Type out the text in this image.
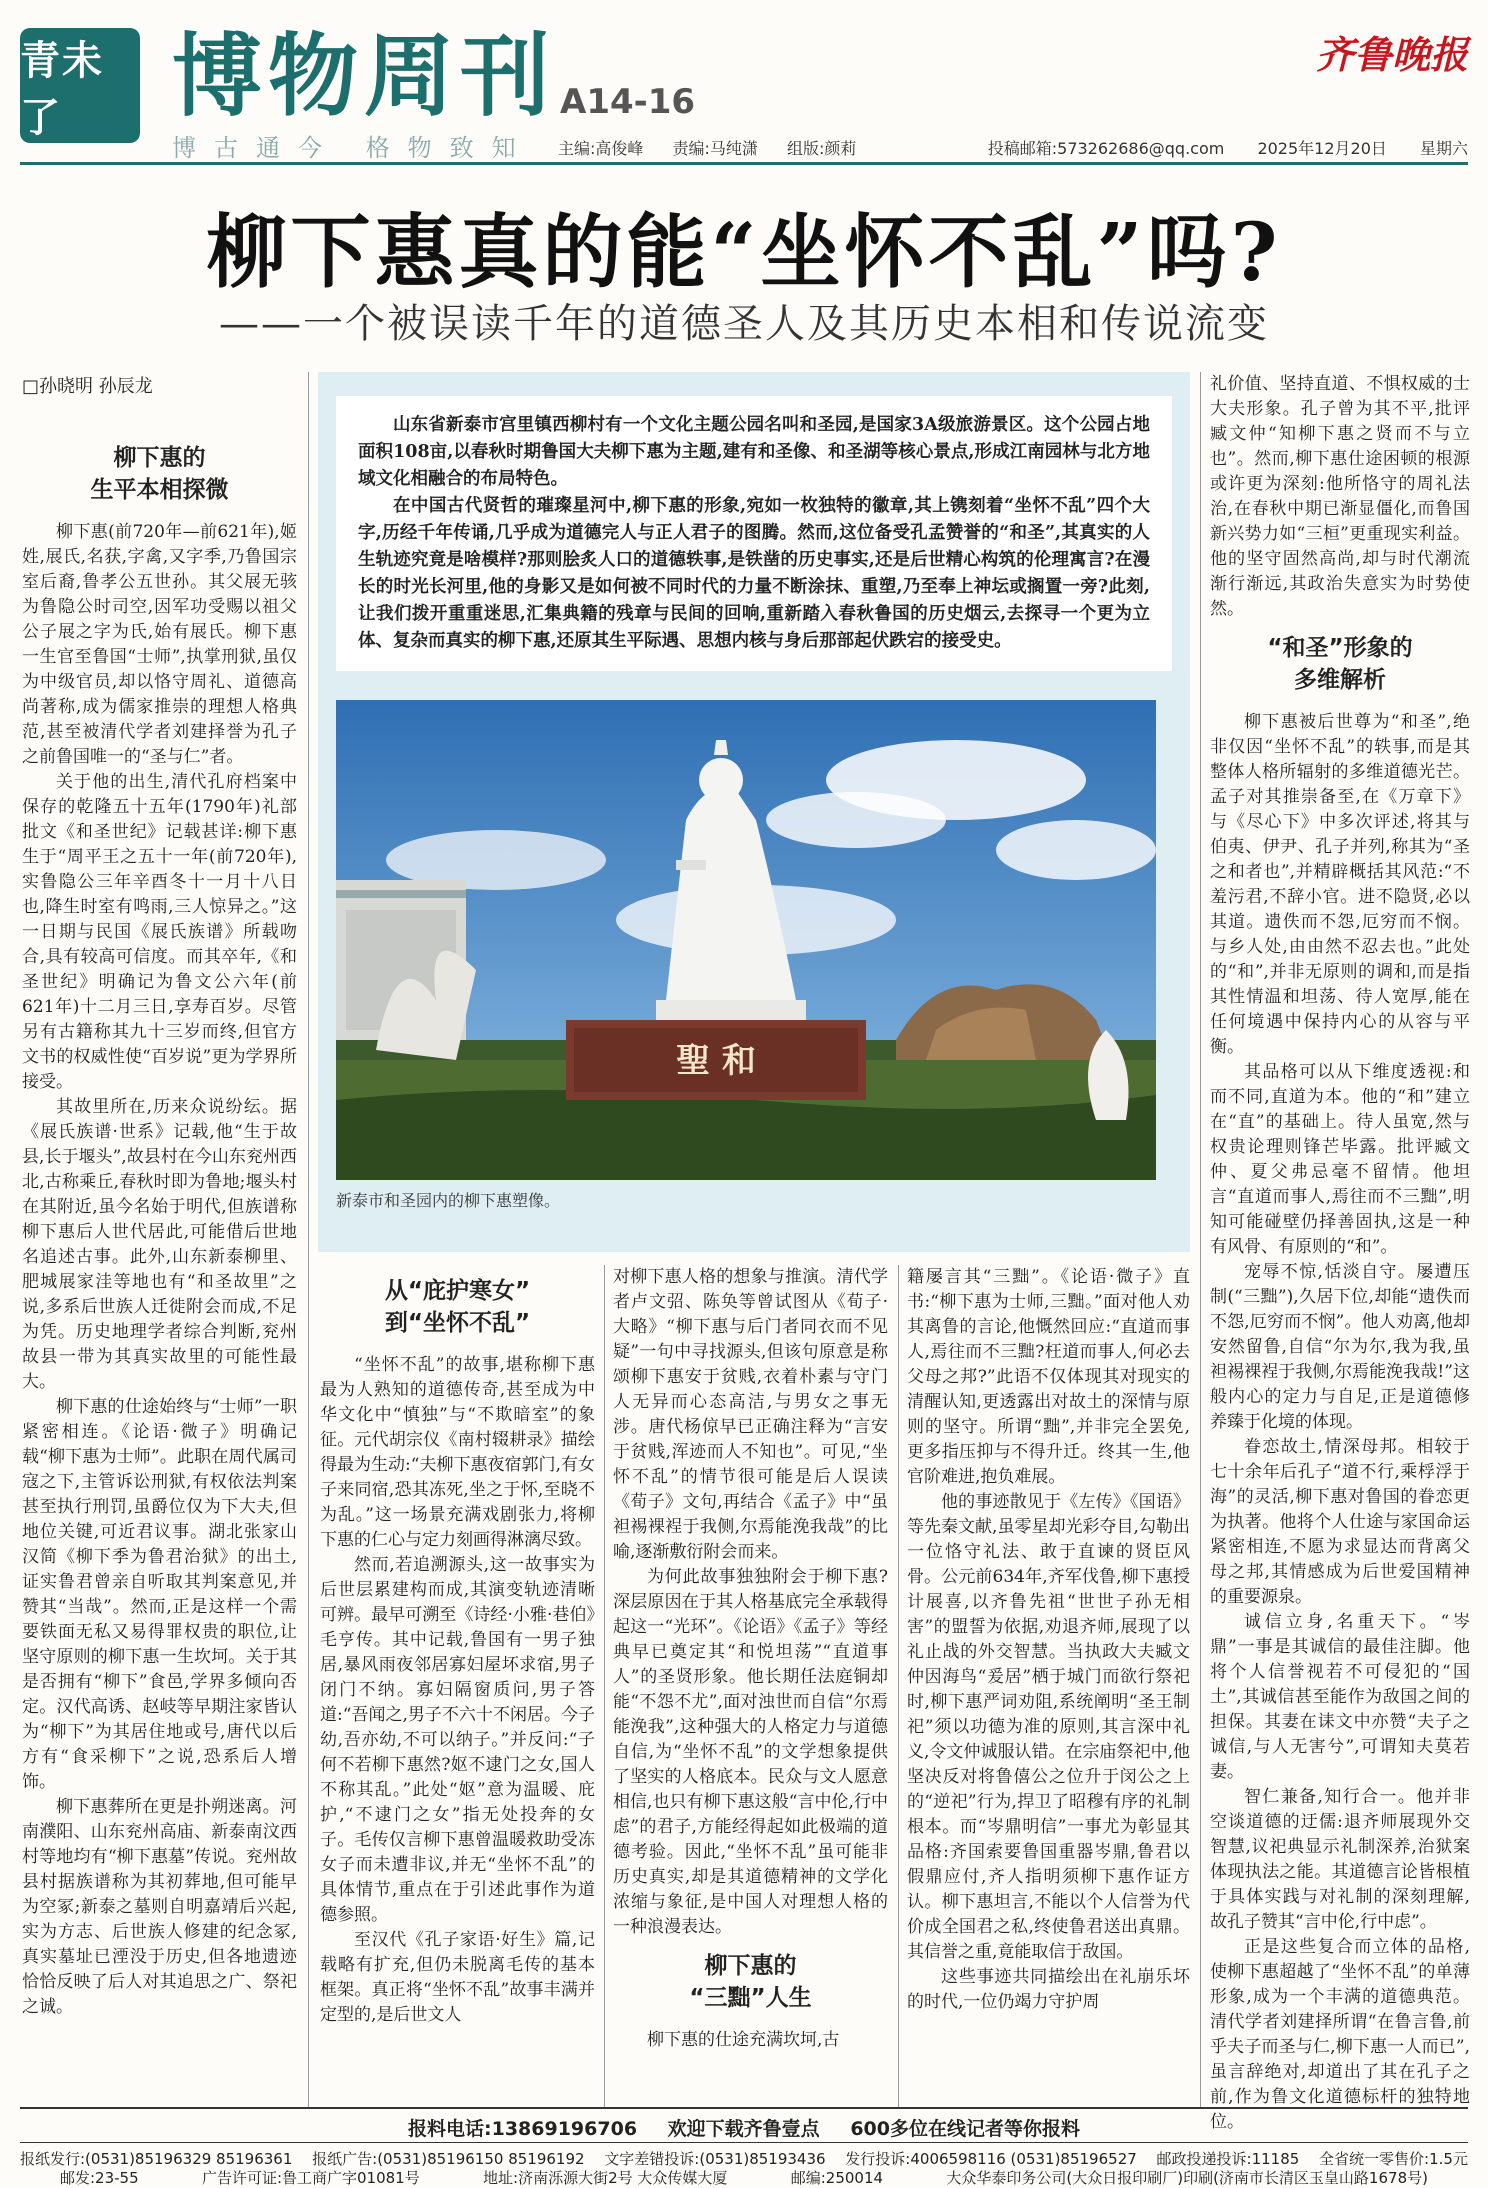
青未了	博物周刊 A14-16
博古通今 格物致知
齐鲁晚报
主编:高俊峰 责编:马纯潇 组版:颜莉	投稿邮箱:573262686@qq.com 2025年12月20日 星期六
柳下惠真的能“坐怀不乱”吗?
——一个被误读千年的道德圣人及其历史本相和传说流变
□孙晓明 孙辰龙
柳下惠的
生平本相探微

柳下惠(前720年—前621年),姬姓,展氏,名获,字禽,又字季,乃鲁国宗室后裔,鲁孝公五世孙。其父展无骇为鲁隐公时司空,因军功受赐以祖父公子展之字为氏,始有展氏。柳下惠一生官至鲁国“士师”,执掌刑狱,虽仅为中级官员,却以恪守周礼、道德高尚著称,成为儒家推崇的理想人格典范,甚至被清代学者刘建择誉为孔子之前鲁国唯一的“圣与仁”者。

关于他的出生,清代孔府档案中保存的乾隆五十五年(1790年)礼部批文《和圣世纪》记载甚详:柳下惠生于“周平王之五十一年(前720年),实鲁隐公三年辛酉冬十一月十八日也,降生时室有鸣雨,三人惊异之。”这一日期与民国《展氏族谱》所载吻合,具有较高可信度。而其卒年,《和圣世纪》明确记为鲁文公六年(前621年)十二月三日,享寿百岁。尽管另有古籍称其九十三岁而终,但官方文书的权威性使“百岁说”更为学界所接受。

其故里所在,历来众说纷纭。据《展氏族谱·世系》记载,他“生于故县,长于堰头”,故县村在今山东兖州西北,古称乘丘,春秋时即为鲁地;堰头村在其附近,虽今名始于明代,但族谱称柳下惠后人世代居此,可能借后世地名追述古事。此外,山东新泰柳里、肥城展家洼等地也有“和圣故里”之说,多系后世族人迁徙附会而成,不足为凭。历史地理学者综合判断,兖州故县一带为其真实故里的可能性最大。

柳下惠的仕途始终与“士师”一职紧密相连。《论语·微子》明确记载“柳下惠为士师”。此职在周代属司寇之下,主管诉讼刑狱,有权依法判案甚至执行刑罚,虽爵位仅为下大夫,但地位关键,可近君议事。湖北张家山汉简《柳下季为鲁君治狱》的出土,证实鲁君曾亲自听取其判案意见,并赞其“当哉”。然而,正是这样一个需要铁面无私又易得罪权贵的职位,让坚守原则的柳下惠一生坎坷。关于其是否拥有“柳下”食邑,学界多倾向否定。汉代高诱、赵岐等早期注家皆认为“柳下”为其居住地或号,唐代以后方有“食采柳下”之说,恐系后人增饰。

柳下惠葬所在更是扑朔迷离。河南濮阳、山东兖州高庙、新泰南汶西村等地均有“柳下惠墓”传说。兖州故县村据族谱称为其初葬地,但可能早为空冢;新泰之墓则自明嘉靖后兴起,实为方志、后世族人修建的纪念冢,真实墓址已湮没于历史,但各地遗迹恰恰反映了后人对其追思之广、祭祀之诚。

山东省新泰市宫里镇西柳村有一个文化主题公园名叫和圣园,是国家3A级旅游景区。这个公园占地面积108亩,以春秋时期鲁国大夫柳下惠为主题,建有和圣像、和圣湖等核心景点,形成江南园林与北方地域文化相融合的布局特色。

在中国古代贤哲的璀璨星河中,柳下惠的形象,宛如一枚独特的徽章,其上镌刻着“坐怀不乱”四个大字,历经千年传诵,几乎成为道德完人与正人君子的图腾。然而,这位备受孔孟赞誉的“和圣”,其真实的人生轨迹究竟是啥模样?那则脍炙人口的道德轶事,是铁凿的历史事实,还是后世精心构筑的伦理寓言?在漫长的时光长河里,他的身影又是如何被不同时代的力量不断涂抹、重塑,乃至奉上神坛或搁置一旁?此刻,让我们拨开重重迷思,汇集典籍的残章与民间的回响,重新踏入春秋鲁国的历史烟云,去探寻一个更为立体、复杂而真实的柳下惠,还原其生平际遇、思想内核与身后那部起伏跌宕的接受史。

聖 和
新泰市和圣园内的柳下惠塑像。
从“庇护寒女”
到“坐怀不乱”

“坐怀不乱”的故事,堪称柳下惠最为人熟知的道德传奇,甚至成为中华文化中“慎独”与“不欺暗室”的象征。元代胡宗仪《南村辍耕录》描绘得最为生动:“夫柳下惠夜宿郭门,有女子来同宿,恐其冻死,坐之于怀,至晓不为乱。”这一场景充满戏剧张力,将柳下惠的仁心与定力刻画得淋漓尽致。

然而,若追溯源头,这一故事实为后世层累建构而成,其演变轨迹清晰可辨。最早可溯至《诗经·小雅·巷伯》毛亨传。其中记载,鲁国有一男子独居,暴风雨夜邻居寡妇屋坏求宿,男子闭门不纳。寡妇隔窗质问,男子答道:“吾闻之,男子不六十不闲居。今子幼,吾亦幼,不可以纳子。”并反问:“子何不若柳下惠然?妪不逮门之女,国人不称其乱。”此处“妪”意为温暖、庇护,“不逮门之女”指无处投奔的女子。毛传仅言柳下惠曾温暖救助受冻女子而未遭非议,并无“坐怀不乱”的具体情节,重点在于引述此事作为道德参照。

至汉代《孔子家语·好生》篇,记载略有扩充,但仍未脱离毛传的基本框架。真正将“坐怀不乱”故事丰满并定型的,是后世文人

对柳下惠人格的想象与推演。清代学者卢文弨、陈奂等曾试图从《荀子·大略》“柳下惠与后门者同衣而不见疑”一句中寻找源头,但该句原意是称颂柳下惠安于贫贱,衣着朴素与守门人无异而心态高洁,与男女之事无涉。唐代杨倞早已正确注释为“言安于贫贱,浑迹而人不知也”。可见,“坐怀不乱”的情节很可能是后人误读《荀子》文句,再结合《孟子》中“虽袒裼裸裎于我侧,尔焉能浼我哉”的比喻,逐渐敷衍附会而来。

为何此故事独独附会于柳下惠?深层原因在于其人格基底完全承载得起这一“光环”。《论语》《孟子》等经典早已奠定其“和悦坦荡”“直道事人”的圣贤形象。他长期任法庭铜却能“不怨不尤”,面对浊世而自信“尔焉能浼我”,这种强大的人格定力与道德自信,为“坐怀不乱”的文学想象提供了坚实的人格底本。民众与文人愿意相信,也只有柳下惠这般“言中伦,行中虑”的君子,方能经得起如此极端的道德考验。因此,“坐怀不乱”虽可能非历史真实,却是其道德精神的文学化浓缩与象征,是中国人对理想人格的一种浪漫表达。

柳下惠的
“三黜”人生

柳下惠的仕途充满坎坷,古

籍屡言其“三黜”。《论语·微子》直书:“柳下惠为士师,三黜。”面对他人劝其离鲁的言论,他慨然回应:“直道而事人,焉往而不三黜?枉道而事人,何必去父母之邦?”此语不仅体现其对现实的清醒认知,更透露出对故土的深情与原则的坚守。所谓“黜”,并非完全罢免,更多指压抑与不得升迁。终其一生,他官阶难进,抱负难展。

他的事迹散见于《左传》《国语》等先秦文献,虽零星却光彩夺目,勾勒出一位恪守礼法、敢于直谏的贤臣风骨。公元前634年,齐军伐鲁,柳下惠授计展喜,以齐鲁先祖“世世子孙无相害”的盟誓为依据,劝退齐师,展现了以礼止战的外交智慧。当执政大夫臧文仲因海鸟“爰居”栖于城门而欲行祭祀时,柳下惠严词劝阻,系统阐明“圣王制祀”须以功德为准的原则,其言深中礼义,令文仲诚服认错。在宗庙祭祀中,他坚决反对将鲁僖公之位升于闵公之上的“逆祀”行为,捍卫了昭穆有序的礼制根本。而“岑鼎明信”一事尤为彰显其品格:齐国索要鲁国重器岑鼎,鲁君以假鼎应付,齐人指明须柳下惠作证方认。柳下惠坦言,不能以个人信誉为代价成全国君之私,终使鲁君送出真鼎。其信誉之重,竟能取信于敌国。

这些事迹共同描绘出在礼崩乐坏的时代,一位仍竭力守护周

礼价值、坚持直道、不惧权威的士大夫形象。孔子曾为其不平,批评臧文仲“知柳下惠之贤而不与立也”。然而,柳下惠仕途困顿的根源或许更为深刻:他所恪守的周礼法治,在春秋中期已渐显僵化,而鲁国新兴势力如“三桓”更重现实利益。他的坚守固然高尚,却与时代潮流渐行渐远,其政治失意实为时势使然。

“和圣”形象的
多维解析

柳下惠被后世尊为“和圣”,绝非仅因“坐怀不乱”的轶事,而是其整体人格所辐射的多维道德光芒。孟子对其推崇备至,在《万章下》与《尽心下》中多次评述,将其与伯夷、伊尹、孔子并列,称其为“圣之和者也”,并精辟概括其风范:“不羞污君,不辞小官。进不隐贤,必以其道。遗佚而不怨,厄穷而不悯。与乡人处,由由然不忍去也。”此处的“和”,并非无原则的调和,而是指其性情温和坦荡、待人宽厚,能在任何境遇中保持内心的从容与平衡。

其品格可以从下维度透视:和而不同,直道为本。他的“和”建立在“直”的基础上。待人虽宽,然与权贵论理则锋芒毕露。批评臧文仲、夏父弗忌毫不留情。他坦言“直道而事人,焉往而不三黜”,明知可能碰壁仍择善固执,这是一种有风骨、有原则的“和”。

宠辱不惊,恬淡自守。屡遭压制(“三黜”),久居下位,却能“遗佚而不怨,厄穷而不悯”。他人劝离,他却安然留鲁,自信“尔为尔,我为我,虽袒裼裸裎于我侧,尔焉能浼我哉!”这般内心的定力与自足,正是道德修养臻于化境的体现。

眷恋故土,情深母邦。相较于七十余年后孔子“道不行,乘桴浮于海”的灵活,柳下惠对鲁国的眷恋更为执著。他将个人仕途与家国命运紧密相连,不愿为求显达而背离父母之邦,其情感成为后世爱国精神的重要源泉。

诚信立身,名重天下。“岑鼎”一事是其诚信的最佳注脚。他将个人信誉视若不可侵犯的“国土”,其诚信甚至能作为敌国之间的担保。其妻在诔文中亦赞“夫子之诚信,与人无害兮”,可谓知夫莫若妻。

智仁兼备,知行合一。他并非空谈道德的迂儒:退齐师展现外交智慧,议祀典显示礼制深养,治狱案体现执法之能。其道德言论皆根植于具体实践与对礼制的深刻理解,故孔子赞其“言中伦,行中虑”。

正是这些复合而立体的品格,使柳下惠超越了“坐怀不乱”的单薄形象,成为一个丰满的道德典范。清代学者刘建择所谓“在鲁言鲁,前乎夫子而圣与仁,柳下惠一人而已”,虽言辞绝对,却道出了其在孔子之前,作为鲁文化道德标杆的独特地位。

报料电话:13869196706 欢迎下载齐鲁壹点 600多位在线记者等你报料
报纸发行:(0531)85196329 85196361 报纸广告:(0531)85196150 85196192 文字差错投诉:(0531)85193436 发行投诉:4006598116 (0531)85196527 邮政投递投诉:11185 全省统一零售价:1.5元
邮发:23-55	广告许可证:鲁工商广字01081号	地址:济南泺源大街2号 大众传媒大厦	邮编:250014	大众华泰印务公司(大众日报印刷厂)印刷(济南市长清区玉皇山路1678号)
